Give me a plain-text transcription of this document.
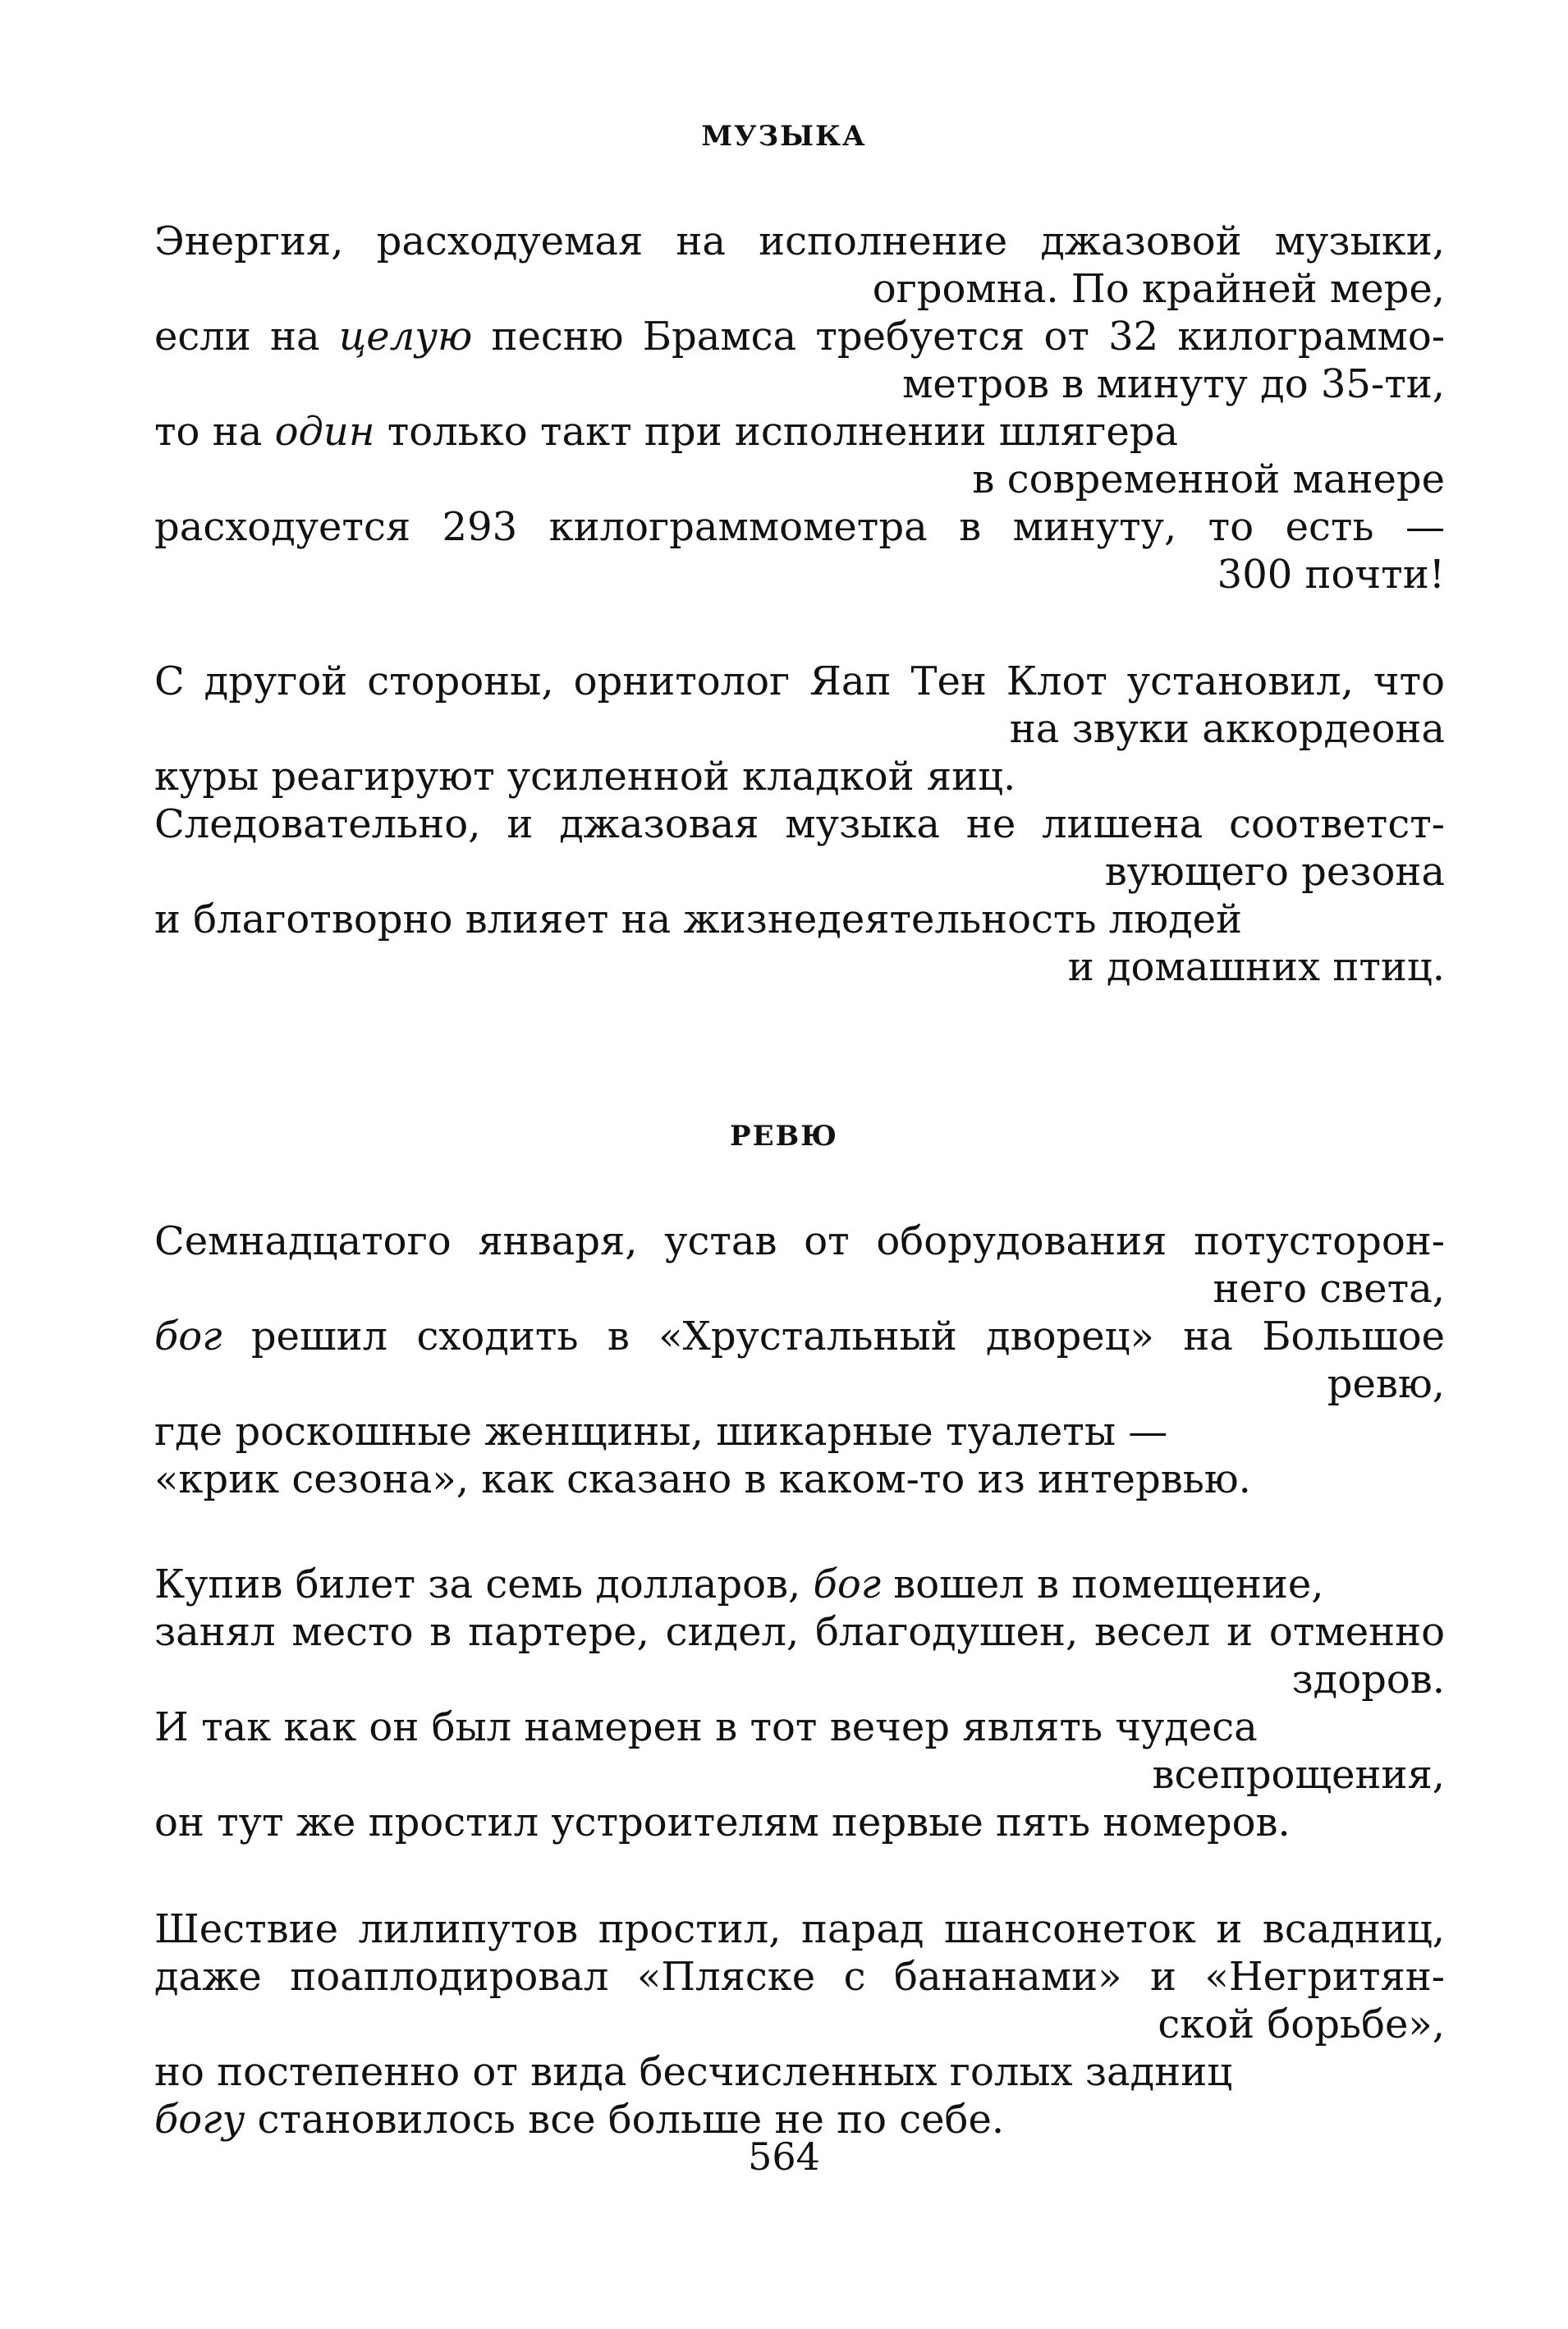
МУЗЫКА
Энергия, расходуемая на исполнение джазовой музыки,
огромна. По крайней мере,
если на целую песню Брамса требуется от 32 килограммо-
метров в минуту до 35-ти,
то на один только такт при исполнении шлягера
в современной манере
расходуется 293 килограммометра в минуту, то есть —
300 почти!
С другой стороны, орнитолог Яап Тен Клот установил, что
на звуки аккордеона
куры реагируют усиленной кладкой яиц.
Следовательно, и джазовая музыка не лишена соответст-
вующего резона
и благотворно влияет на жизнедеятельность людей
и домашних птиц.
РЕВЮ
Семнадцатого января, устав от оборудования потусторон-
него света,
бог решил сходить в «Хрустальный дворец» на Большое
ревю,
где роскошные женщины, шикарные туалеты —
«крик сезона», как сказано в каком-то из интервью.
Купив билет за семь долларов, бог вошел в помещение,
занял место в партере, сидел, благодушен, весел и отменно
здоров.
И так как он был намерен в тот вечер являть чудеса
всепрощения,
он тут же простил устроителям первые пять номеров.
Шествие лилипутов простил, парад шансонеток и всадниц,
даже поаплодировал «Пляске с бананами» и «Негритян-
ской борьбе»,
но постепенно от вида бесчисленных голых задниц
богу становилось все больше не по себе.
564
